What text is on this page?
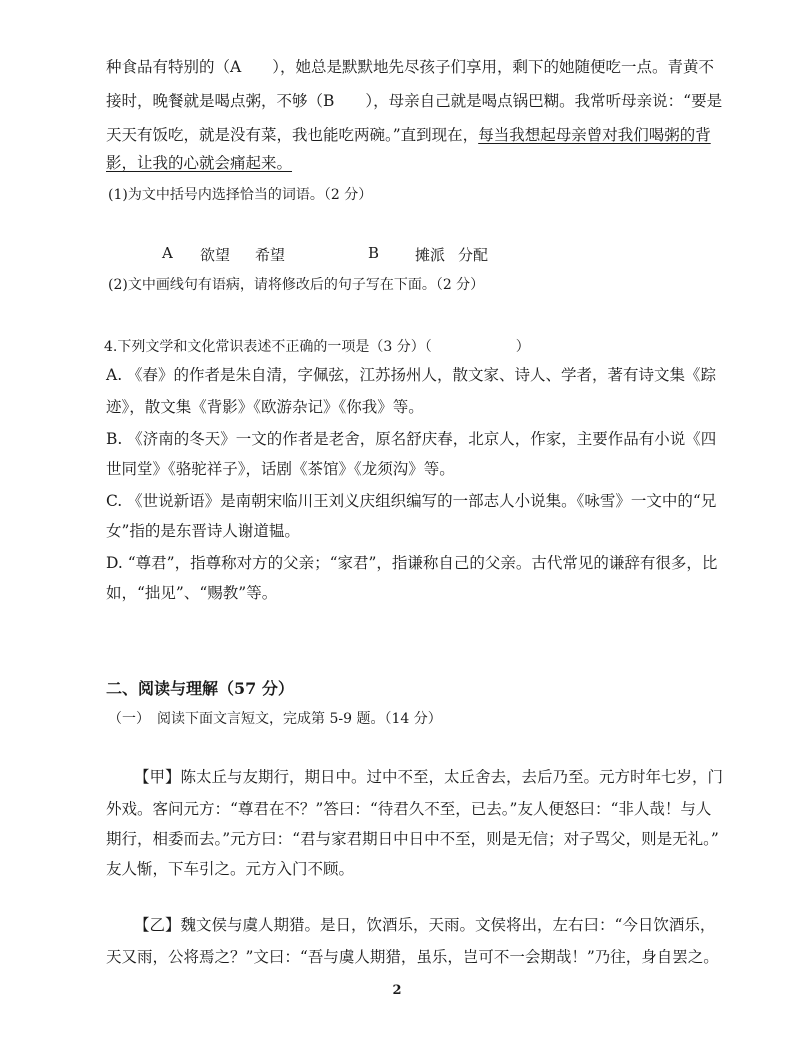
种食品有特别的（A　　），她总是默默地先尽孩子们享用，剩下的她随便吃一点。青黄不
接时，晚餐就是喝点粥，不够（B　　），母亲自己就是喝点锅巴糊。我常听母亲说：“要是
天天有饭吃，就是没有菜，我也能吃两碗。”直到现在，每当我想起母亲曾对我们喝粥的背
影，让我的心就会痛起来。
(1)为文中括号内选择恰当的词语。（2 分）
A 欲望 希望	B 摊派 分配
(2)文中画线句有语病，请将修改后的句子写在下面。（2 分）
4.下列文学和文化常识表述不正确的一项是（3 分）（　　　　　　）
A. 《春》的作者是朱自清，字佩弦，江苏扬州人，散文家、诗人、学者，著有诗文集《踪
迹》，散文集《背影》《欧游杂记》《你我》等。
B. 《济南的冬天》一文的作者是老舍，原名舒庆春，北京人，作家，主要作品有小说《四
世同堂》《骆驼祥子》，话剧《茶馆》《龙须沟》等。
C. 《世说新语》是南朝宋临川王刘义庆组织编写的一部志人小说集。《咏雪》一文中的“兄
女”指的是东晋诗人谢道韫。
D. “尊君”，指尊称对方的父亲；“家君”，指谦称自己的父亲。古代常见的谦辞有很多，比
如，“拙见”、“赐教”等。
二、阅读与理解（57 分）
（一）　阅读下面文言短文，完成第 5-9 题。（14 分）
【甲】陈太丘与友期行，期日中。过中不至，太丘舍去，去后乃至。元方时年七岁，门
外戏。客问元方：“尊君在不？”答曰：“待君久不至，已去。”友人便怒曰：“非人哉！与人
期行，相委而去。”元方曰：“君与家君期日中日中不至，则是无信；对子骂父，则是无礼。”
友人惭，下车引之。元方入门不顾。
【乙】魏文侯与虞人期猎。是日，饮酒乐，天雨。文侯将出，左右曰：“今日饮酒乐，
天又雨，公将焉之？”文曰：“吾与虞人期猎，虽乐，岂可不一会期哉！”乃往，身自罢之。
2
